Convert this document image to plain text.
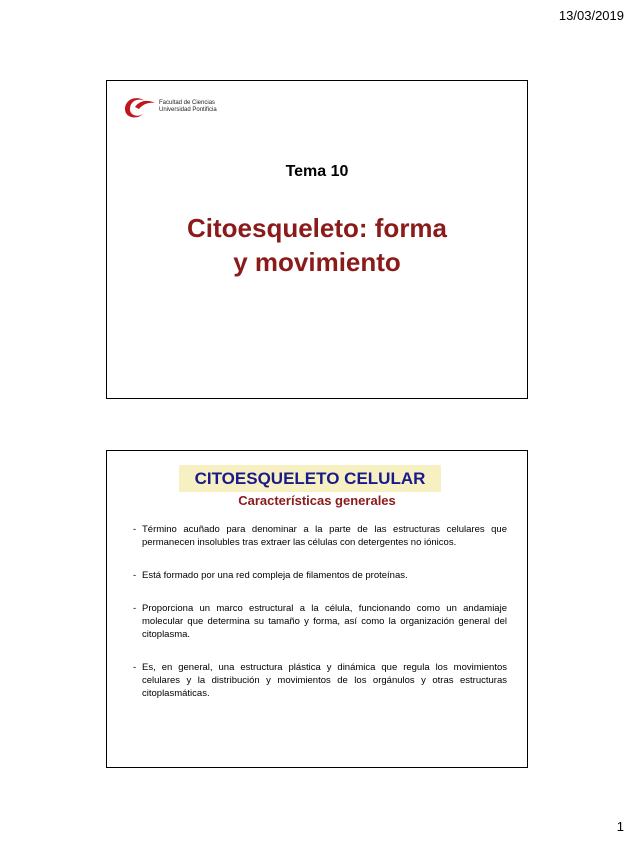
13/03/2019
Facultad de Ciencias
Universidad Pontificia
Tema 10
Citoesqueleto: forma
y movimiento
CITOESQUELETO CELULAR
Características generales
- Término acuñado para denominar a la parte de las estructuras celulares que permanecen insolubles tras extraer las células con detergentes no iónicos.
- Está formado por una red compleja de filamentos de proteínas.
- Proporciona un marco estructural a la célula, funcionando como un andamiaje molecular que determina su tamaño y forma, así como la organización general del citoplasma.
- Es, en general, una estructura plástica y dinámica que regula los movimientos celulares y la distribución y movimientos de los orgánulos y otras estructuras citoplasmáticas.
1
